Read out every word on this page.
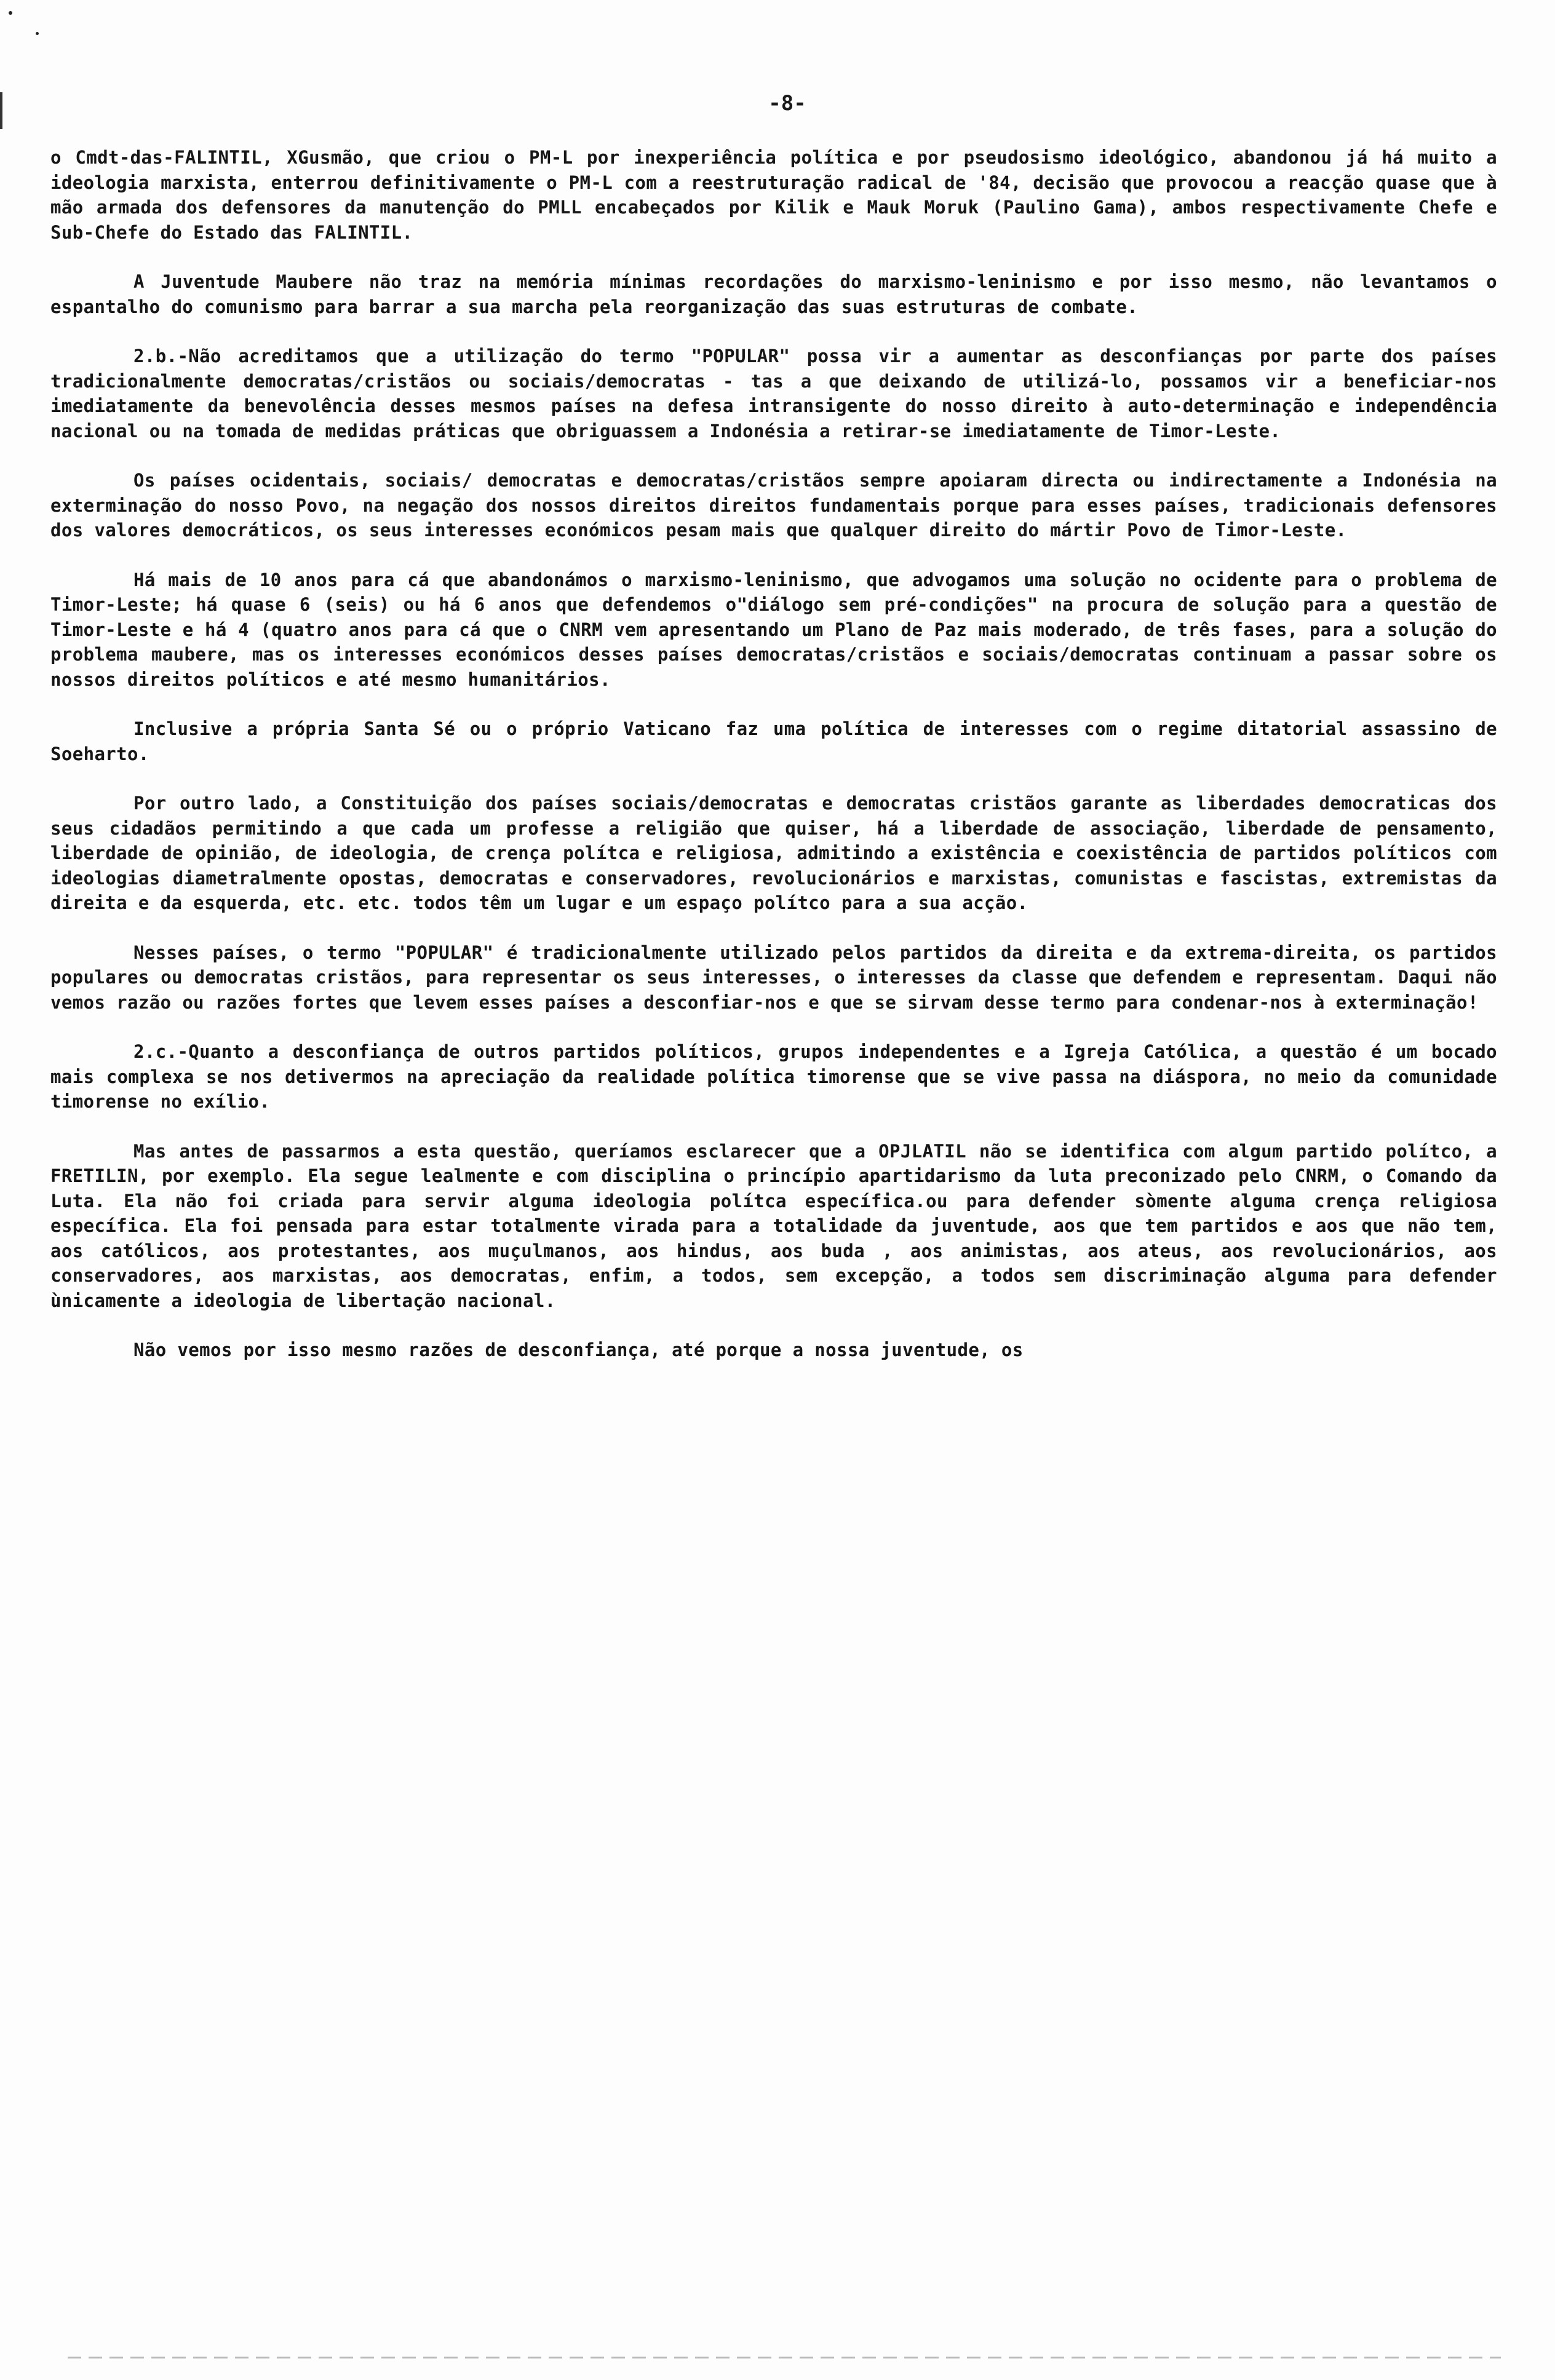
-8-

o Cmdt-das-FALINTIL, XGusmão, que criou o PM-L por inexperiência política e por pseudosismo ideológico, abandonou já há muito a ideologia marxista, enterrou definitivamente o PM-L com a reestruturação radical de '84, decisão que provocou a reacção quase que à mão armada dos defensores da manutenção do PMLL encabeçados por Kilik e Mauk Moruk (Paulino Gama), ambos respectivamente Chefe e Sub-Chefe do Estado das FALINTIL.

A Juventude Maubere não traz na memória mínimas recordações do marxismo-leninismo e por isso mesmo, não levantamos o espantalho do comunismo para barrar a sua marcha pela reorganização das suas estruturas de combate.

2.b.-Não acreditamos que a utilização do termo "POPULAR" possa vir a aumentar as desconfianças por parte dos países tradicionalmente democratas/cristãos ou sociais/democratas - tas a que deixando de utilizá-lo, possamos vir a beneficiar-nos imediatamente da benevolência desses mesmos países na defesa intransigente do nosso direito à auto-determinação e independência nacional ou na tomada de medidas práticas que obriguassem a Indonésia a retirar-se imediatamente de Timor-Leste.

Os países ocidentais, sociais/ democratas e democratas/cristãos sempre apoiaram directa ou indirectamente a Indonésia na exterminação do nosso Povo, na negação dos nossos direitos direitos fundamentais porque para esses países, tradicionais defensores dos valores democráticos, os seus interesses económicos pesam mais que qualquer direito do mártir Povo de Timor-Leste.

Há mais de 10 anos para cá que abandonámos o marxismo-leninismo, que advogamos uma solução no ocidente para o problema de Timor-Leste; há quase 6 (seis) ou há 6 anos que defendemos o"diálogo sem pré-condições" na procura de solução para a questão de Timor-Leste e há 4 (quatro anos para cá que o CNRM vem apresentando um Plano de Paz mais moderado, de três fases, para a solução do problema maubere, mas os interesses económicos desses países democratas/cristãos e sociais/democratas continuam a passar sobre os nossos direitos políticos e até mesmo humanitários.

Inclusive a própria Santa Sé ou o próprio Vaticano faz uma política de interesses com o regime ditatorial assassino de Soeharto.

Por outro lado, a Constituição dos países sociais/democratas e democratas cristãos garante as liberdades democraticas dos seus cidadãos permitindo a que cada um professe a religião que quiser, há a liberdade de associação, liberdade de pensamento, liberdade de opinião, de ideologia, de crença polítca e religiosa, admitindo a existência e coexistência de partidos políticos com ideologias diametralmente opostas, democratas e conservadores, revolucionários e marxistas, comunistas e fascistas, extremistas da direita e da esquerda, etc. etc. todos têm um lugar e um espaço polítco para a sua acção.

Nesses países, o termo "POPULAR" é tradicionalmente utilizado pelos partidos da direita e da extrema-direita, os partidos populares ou democratas cristãos, para representar os seus interesses, o interesses da classe que defendem e representam. Daqui não vemos razão ou razões fortes que levem esses países a desconfiar-nos e que se sirvam desse termo para condenar-nos à exterminação!

2.c.-Quanto a desconfiança de outros partidos políticos, grupos independentes e a Igreja Católica, a questão é um bocado mais complexa se nos detivermos na apreciação da realidade política timorense que se vive passa na diáspora, no meio da comunidade timorense no exílio.

Mas antes de passarmos a esta questão, queríamos esclarecer que a OPJLATIL não se identifica com algum partido polítco, a FRETILIN, por exemplo. Ela segue lealmente e com disciplina o princípio apartidarismo da luta preconizado pelo CNRM, o Comando da Luta. Ela não foi criada para servir alguma ideologia polítca específica.ou para defender sòmente alguma crença religiosa específica. Ela foi pensada para estar totalmente virada para a totalidade da juventude, aos que tem partidos e aos que não tem, aos católicos, aos protestantes, aos muçulmanos, aos hindus, aos buda , aos animistas, aos ateus, aos revolucionários, aos conservadores, aos marxistas, aos democratas, enfim, a todos, sem excepção, a todos sem discriminação alguma para defender ùnicamente a ideologia de libertação nacional.

Não vemos por isso mesmo razões de desconfiança, até porque a nossa juventude, os
